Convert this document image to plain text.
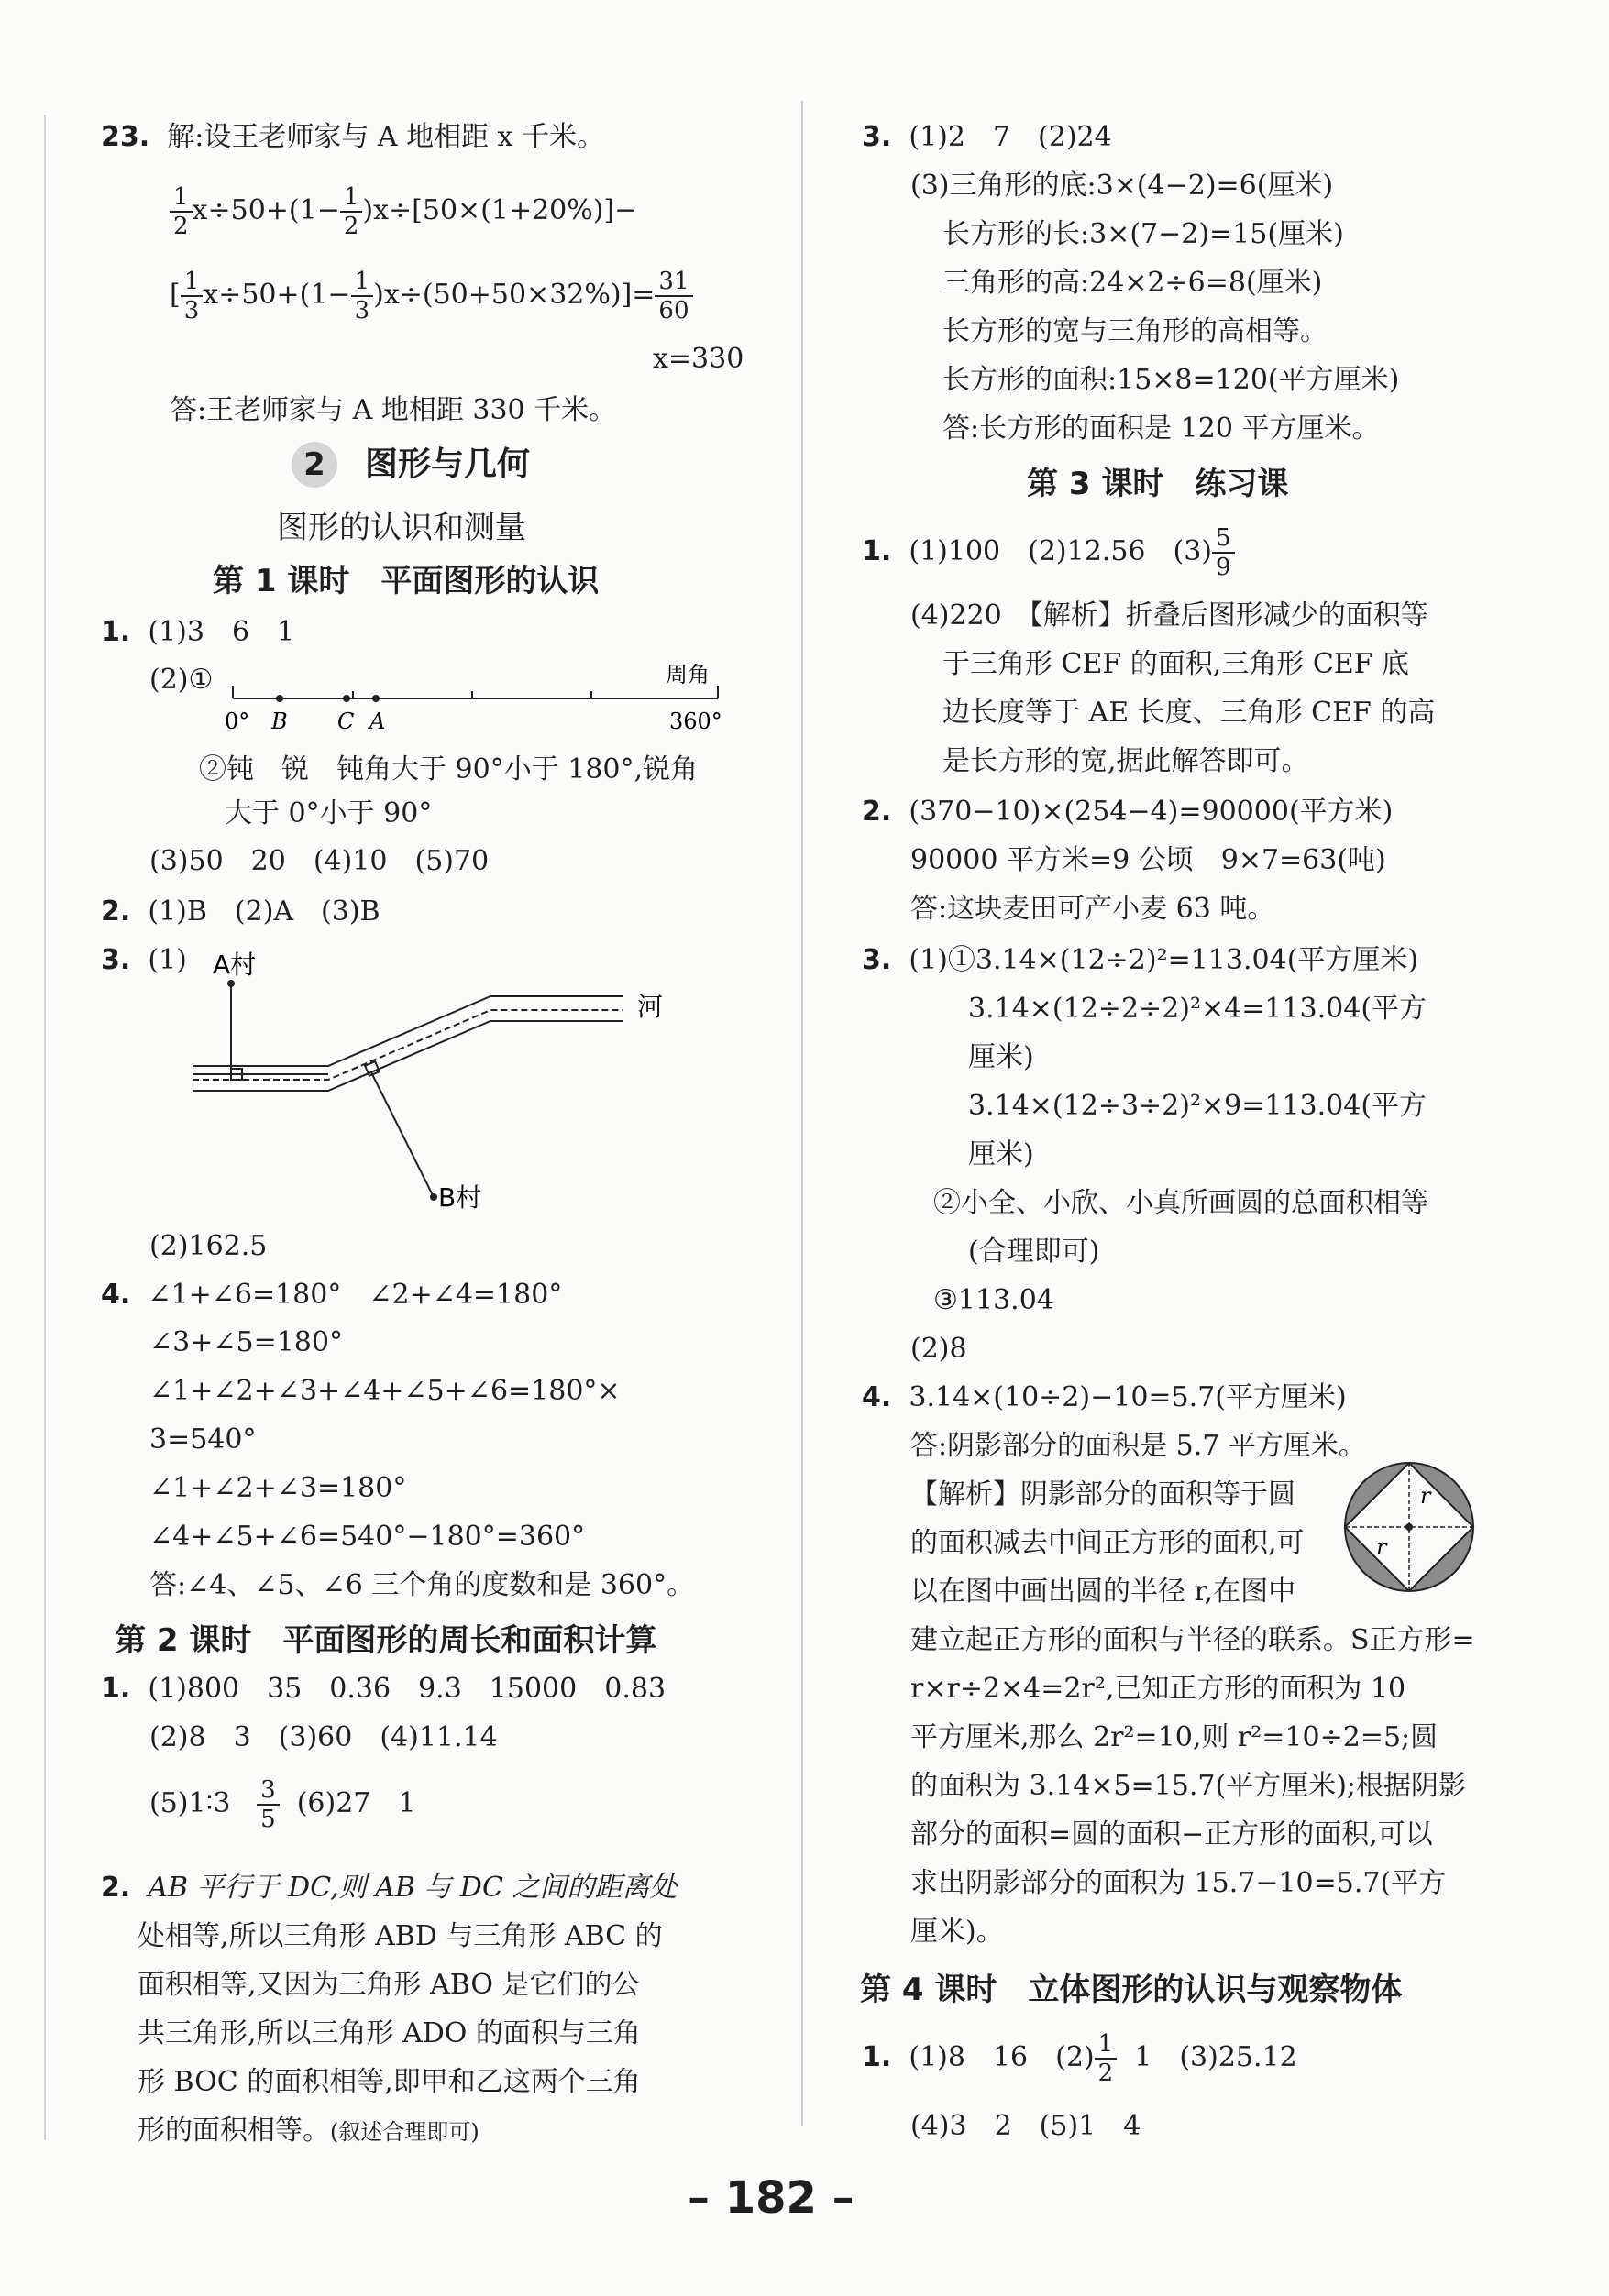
23. 解:设王老师家与 A 地相距 x 千米。
$\frac{1}{2} x\div 50+(1- \frac{1}{2} )x\div[50\times(1+20\%)]-$
[ $\frac{1}{3} x\div 50+(1- \frac{1}{3} )x\div(50+50\times 32\%)]= \frac{31}{60}$
x=330
答:王老师家与 A 地相距 330 千米。
2 图形与几何
图形的认识和测量
第 1 课时　平面图形的认识
1. (1)3　6　1
(2)①	周角
0° B C A	360°
②钝　锐　钝角大于 90°小于 180°,锐角
大于 0°小于 90°
(3)50　20　(4)10　(5)70
2. (1)B　(2)A　(3)B
3. (1) A村
河
B村
(2)162.5
4. ∠1+∠6=180°　∠2+∠4=180°
∠3+∠5=180°
∠1+∠2+∠3+∠4+∠5+∠6=180°×
3=540°
∠1+∠2+∠3=180°
∠4+∠5+∠6=540°−180°=360°
答:∠4、∠5、∠6 三个角的度数和是 360°。
第 2 课时　平面图形的周长和面积计算
1. (1)800　35　0.36　9.3　15000　0.83
(2)8　3　(3)60　(4)11.14
(5)1∶3 $\frac{3}{5} (6)27$　1
2. AB 平行于 DC,则 AB 与 DC 之间的距离处
处相等,所以三角形 ABD 与三角形 ABC 的
面积相等,又因为三角形 ABO 是它们的公
共三角形,所以三角形 ADO 的面积与三角
形 BOC 的面积相等,即甲和乙这两个三角
形的面积相等。(叙述合理即可)
3. (1)2　7　(2)24
(3)三角形的底:3×(4−2)=6(厘米)
长方形的长:3×(7−2)=15(厘米)
三角形的高:24×2÷6=8(厘米)
长方形的宽与三角形的高相等。
长方形的面积:15×8=120(平方厘米)
答:长方形的面积是 120 平方厘米。
第 3 课时　练习课
1. (1)100　(2)12.56　$(3) \frac{5}{9}$
(4)220　【解析】折叠后图形减少的面积等
于三角形 CEF 的面积,三角形 CEF 底
边长度等于 AE 长度、三角形 CEF 的高
是长方形的宽,据此解答即可。
2. (370−10)×(254−4)=90000(平方米)
90000 平方米=9 公顷　9×7=63(吨)
答:这块麦田可产小麦 63 吨。
3. (1)①3.14×(12÷2)²=113.04(平方厘米)
3.14×(12÷2÷2)²×4=113.04(平方
厘米)
3.14×(12÷3÷2)²×9=113.04(平方
厘米)
②小全、小欣、小真所画圆的总面积相等
(合理即可)
③113.04
(2)8
4. 3.14×(10÷2)−10=5.7(平方厘米)
答:阴影部分的面积是 5.7 平方厘米。
【解析】阴影部分的面积等于圆
的面积减去中间正方形的面积,可
以在图中画出圆的半径 r,在图中
r
r
建立起正方形的面积与半径的联系。S正方形=
r×r÷2×4=2r²,已知正方形的面积为 10
平方厘米,那么 2r²=10,则 r²=10÷2=5;圆
的面积为 3.14×5=15.7(平方厘米);根据阴影
部分的面积=圆的面积−正方形的面积,可以
求出阴影部分的面积为 15.7−10=5.7(平方
厘米)。
第 4 课时　立体图形的认识与观察物体
1. (1)8　16　$(2) \frac{1}{2} 1$　(3)25.12
(4)3　2　(5)1　4
– 182 –
